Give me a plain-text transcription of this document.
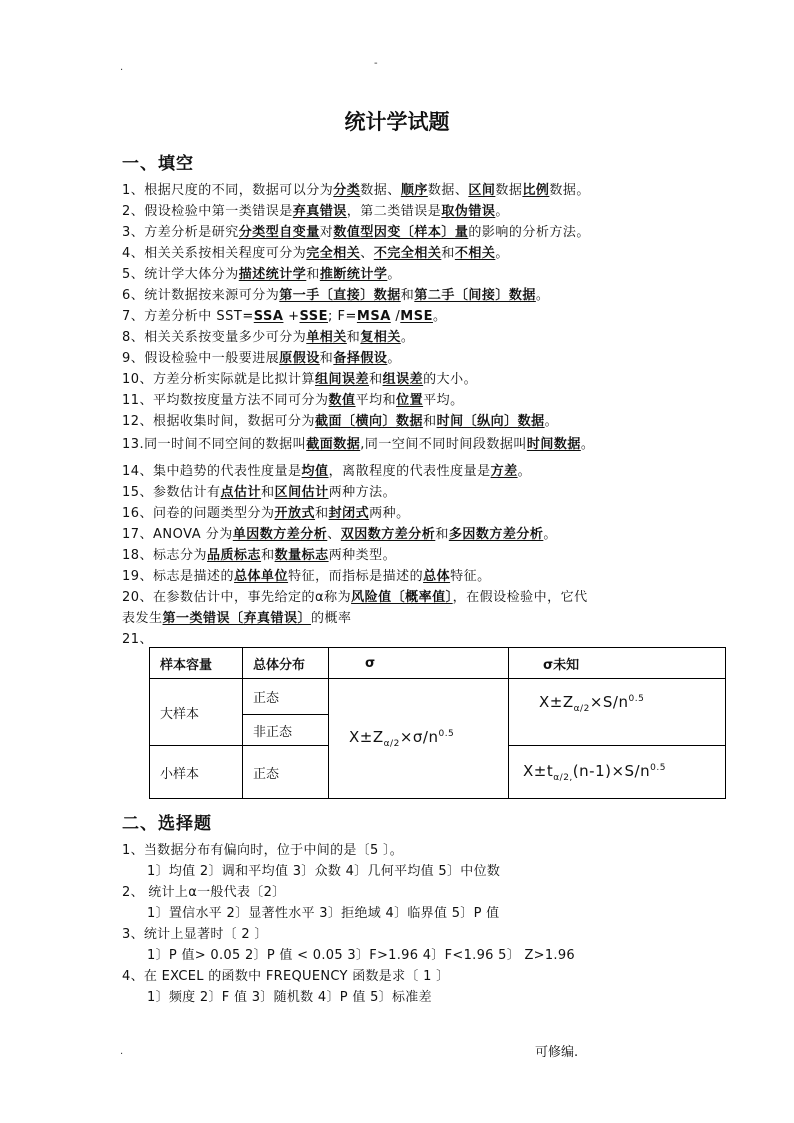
.	-
统计学试题
一、填空
1、根据尺度的不同，数据可以分为分类数据、顺序数据、区间数据比例数据。
2、假设检验中第一类错误是弃真错误，第二类错误是取伪错误。
3、方差分析是研究分类型自变量对数值型因变〔样本〕量的影响的分析方法。
4、相关关系按相关程度可分为完全相关、不完全相关和不相关。
5、统计学大体分为描述统计学和推断统计学。
6、统计数据按来源可分为第一手〔直接〕数据和第二手〔间接〕数据。
7、方差分析中 SST=SSA +SSE; F=MSA /MSE。
8、相关关系按变量多少可分为单相关和复相关。
9、假设检验中一般要进展原假设和备择假设。
10、方差分析实际就是比拟计算组间误差和组误差的大小。
11、平均数按度量方法不同可分为数值平均和位置平均。
12、根据收集时间，数据可分为截面〔横向〕数据和时间〔纵向〕数据。
13.同一时间不同空间的数据叫截面数据,同一空间不同时间段数据叫时间数据。
14、集中趋势的代表性度量是均值，离散程度的代表性度量是方差。
15、参数估计有点估计和区间估计两种方法。
16、问卷的问题类型分为开放式和封闭式两种。
17、ANOVA 分为单因数方差分析、双因数方差分析和多因数方差分析。
18、标志分为品质标志和数量标志两种类型。
19、标志是描述的总体单位特征，而指标是描述的总体特征。
20、在参数估计中，事先给定的α称为风险值〔概率值〕，在假设检验中，它代
表发生第一类错误〔弃真错误〕的概率
21、
样本容量	总体分布	σ	σ未知
大样本	正态	$X\pm Z_{\alpha/2}\times\sigma/n^{0.5}$	$X\pm Z_{\alpha/2}\times S/n^{0.5}$
	非正态		
小样本	正态		$X\pm t_{\alpha/2,}(n-1)\times S/n^{0.5}$
二、选择题
1、当数据分布有偏向时，位于中间的是〔5 〕。
1〕均值 2〕调和平均值 3〕众数 4〕几何平均值 5〕中位数
2、 统计上α一般代表〔2〕
1〕置信水平 2〕显著性水平 3〕拒绝域 4〕临界值 5〕P 值
3、统计上显著时〔 2 〕
1〕P 值> 0.05 2〕P 值 < 0.05 3〕F>1.96 4〕F<1.96 5〕 Z>1.96
4、在 EXCEL 的函数中 FREQUENCY 函数是求〔 1 〕
1〕频度 2〕F 值 3〕随机数 4〕P 值 5〕标准差
.	可修编.
